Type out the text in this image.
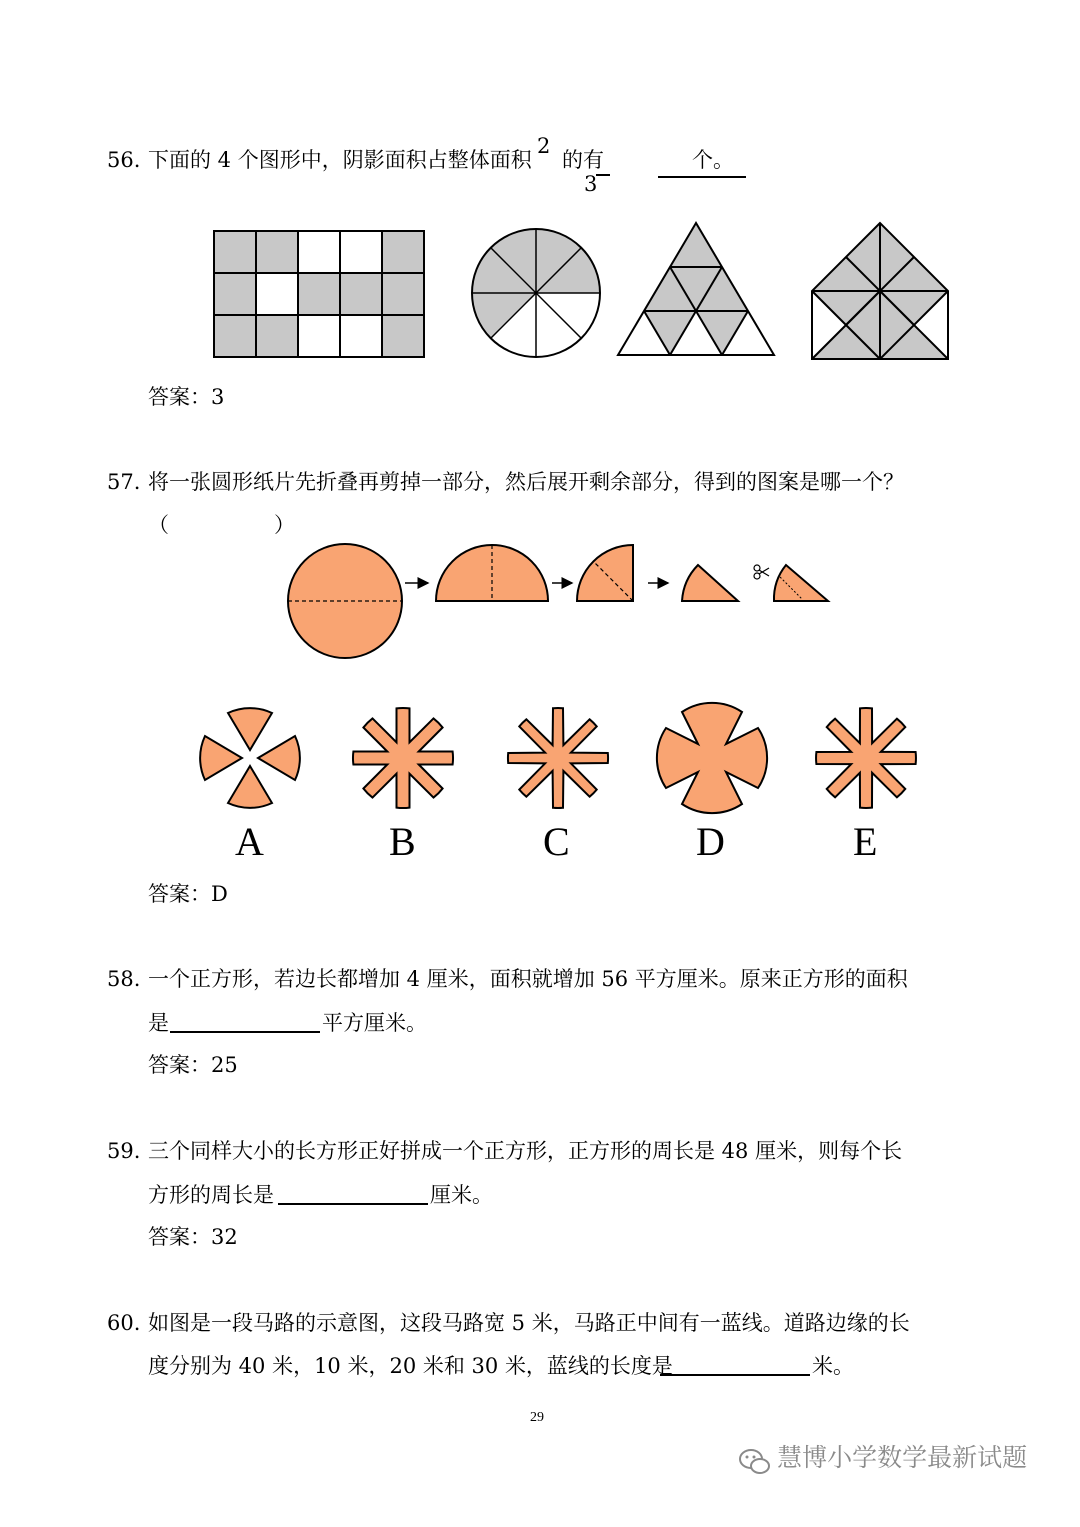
56. 下面的 4 个图形中，阴影面积占整体面积
2
3
的有	个。
答案：3
57. 将一张圆形纸片先折叠再剪掉一部分，然后展开剩余部分，得到的图案是哪一个？
（	）
A	B	C	D	E
答案：D
58. 一个正方形，若边长都增加 4 厘米，面积就增加 56 平方厘米。原来正方形的面积
是	平方厘米。
答案：25
59. 三个同样大小的长方形正好拼成一个正方形，正方形的周长是 48 厘米，则每个长
方形的周长是	厘米。
答案：32
60. 如图是一段马路的示意图，这段马路宽 5 米，马路正中间有一蓝线。道路边缘的长
度分别为 40 米，10 米，20 米和 30 米，蓝线的长度是	米。
29
慧博小学数学最新试题
